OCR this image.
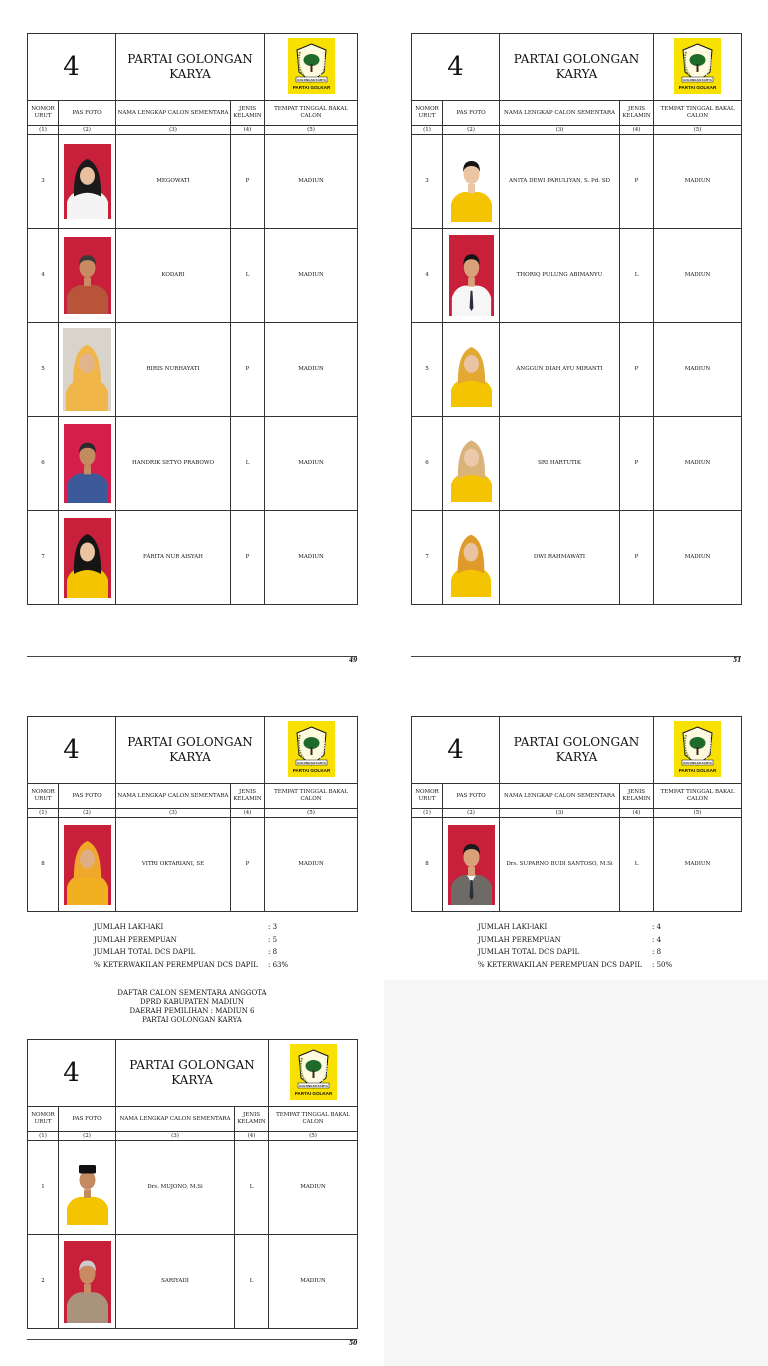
4		PARTAI GOLONGAN KARYA		GOLONGAN KARYA
PARTAI GOLKAR

NOMOR URUT	PAS FOTO	NAMA LENGKAP CALON SEMENTARA	JENIS KELAMIN	TEMPAT TINGGAL BAKAL CALON
(1)	(2)	(3)	(4)	(5)
3		MEGOWATI	P	MADIUN
4		KODARI	L	MADIUN
5		RIRIS NURHAYATI	P	MADIUN
6		HANDRIK SETYO PRABOWO	L	MADIUN
7		FARITA NUR AISYAH	P	MADIUN
49
4		PARTAI GOLONGAN KARYA		GOLONGAN KARYA
PARTAI GOLKAR

NOMOR URUT	PAS FOTO	NAMA LENGKAP CALON SEMENTARA	JENIS KELAMIN	TEMPAT TINGGAL BAKAL CALON
(1)	(2)	(3)	(4)	(5)
3		ANITA DEWI PARULIYAN, S. Pd. SD	P	MADIUN
4		THORIQ PULUNG ABIMANYU	L	MADIUN
5		ANGGUN DIAH AYU MIRANTI	P	MADIUN
6		SRI HARTUTIK	P	MADIUN
7		DWI RAHMAWATI	P	MADIUN
51
4		PARTAI GOLONGAN KARYA		GOLONGAN KARYA
PARTAI GOLKAR

NOMOR URUT	PAS FOTO	NAMA LENGKAP CALON SEMENTARA	JENIS KELAMIN	TEMPAT TINGGAL BAKAL CALON
(1)	(2)	(3)	(4)	(5)
8		VITRI OKTARIANI, SE	P	MADIUN
JUMLAH LAKI-lAKI	: 3
JUMLAH PEREMPUAN	: 5
JUMLAH TOTAL DCS DAPIL	: 8
% KETERWAKILAN PEREMPUAN DCS DAPIL : 63%
DAFTAR CALON SEMENTARA ANGGOTA
DPRD KABUPATEN MADIUN
DAERAH PEMILIHAN : MADIUN 6
PARTAI GOLONGAN KARYA
4		PARTAI GOLONGAN KARYA		GOLONGAN KARYA
PARTAI GOLKAR

NOMOR URUT	PAS FOTO	NAMA LENGKAP CALON SEMENTARA	JENIS KELAMIN	TEMPAT TINGGAL BAKAL CALON
(1)	(2)	(3)	(4)	(5)
1		Drs. MUJONO, M.Si	L	MADIUN
2		SARIYADI	L	MADIUN
50
4		PARTAI GOLONGAN KARYA		GOLONGAN KARYA
PARTAI GOLKAR

NOMOR URUT	PAS FOTO	NAMA LENGKAP CALON SEMENTARA	JENIS KELAMIN	TEMPAT TINGGAL BAKAL CALON
(1)	(2)	(3)	(4)	(5)
8		Drs. SUPARNO BUDI SANTOSO, M.Si	L	MADIUN
JUMLAH LAKI-lAKI	: 4
JUMLAH PEREMPUAN	: 4
JUMLAH TOTAL DCS DAPIL	: 8
% KETERWAKILAN PEREMPUAN DCS DAPIL : 50%
